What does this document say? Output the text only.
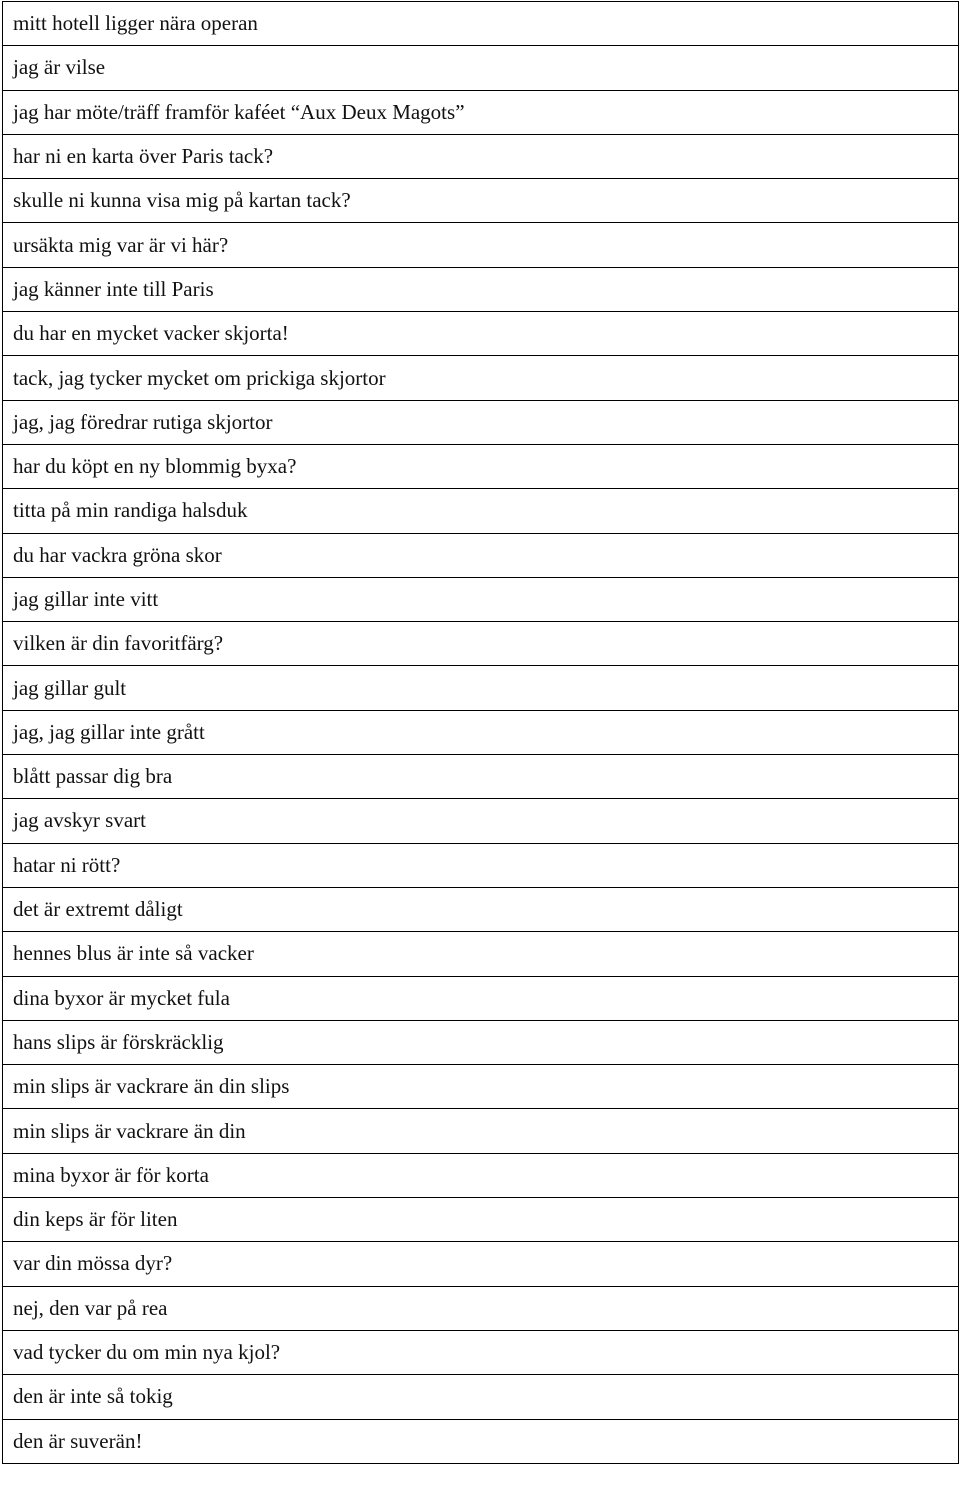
mitt hotell ligger nära operan
jag är vilse
jag har möte/träff framför kaféet “Aux Deux Magots”
har ni en karta över Paris tack?
skulle ni kunna visa mig på kartan tack?
ursäkta mig var är vi här?
jag känner inte till Paris
du har en mycket vacker skjorta!
tack, jag tycker mycket om prickiga skjortor
jag, jag föredrar rutiga skjortor
har du köpt en ny blommig byxa?
titta på min randiga halsduk
du har vackra gröna skor
jag gillar inte vitt
vilken är din favoritfärg?
jag gillar gult
jag, jag gillar inte grått
blått passar dig bra
jag avskyr svart
hatar ni rött?
det är extremt dåligt
hennes blus är inte så vacker
dina byxor är mycket fula
hans slips är förskräcklig
min slips är vackrare än din slips
min slips är vackrare än din
mina byxor är för korta
din keps är för liten
var din mössa dyr?
nej, den var på rea
vad tycker du om min nya kjol?
den är inte så tokig
den är suverän!
